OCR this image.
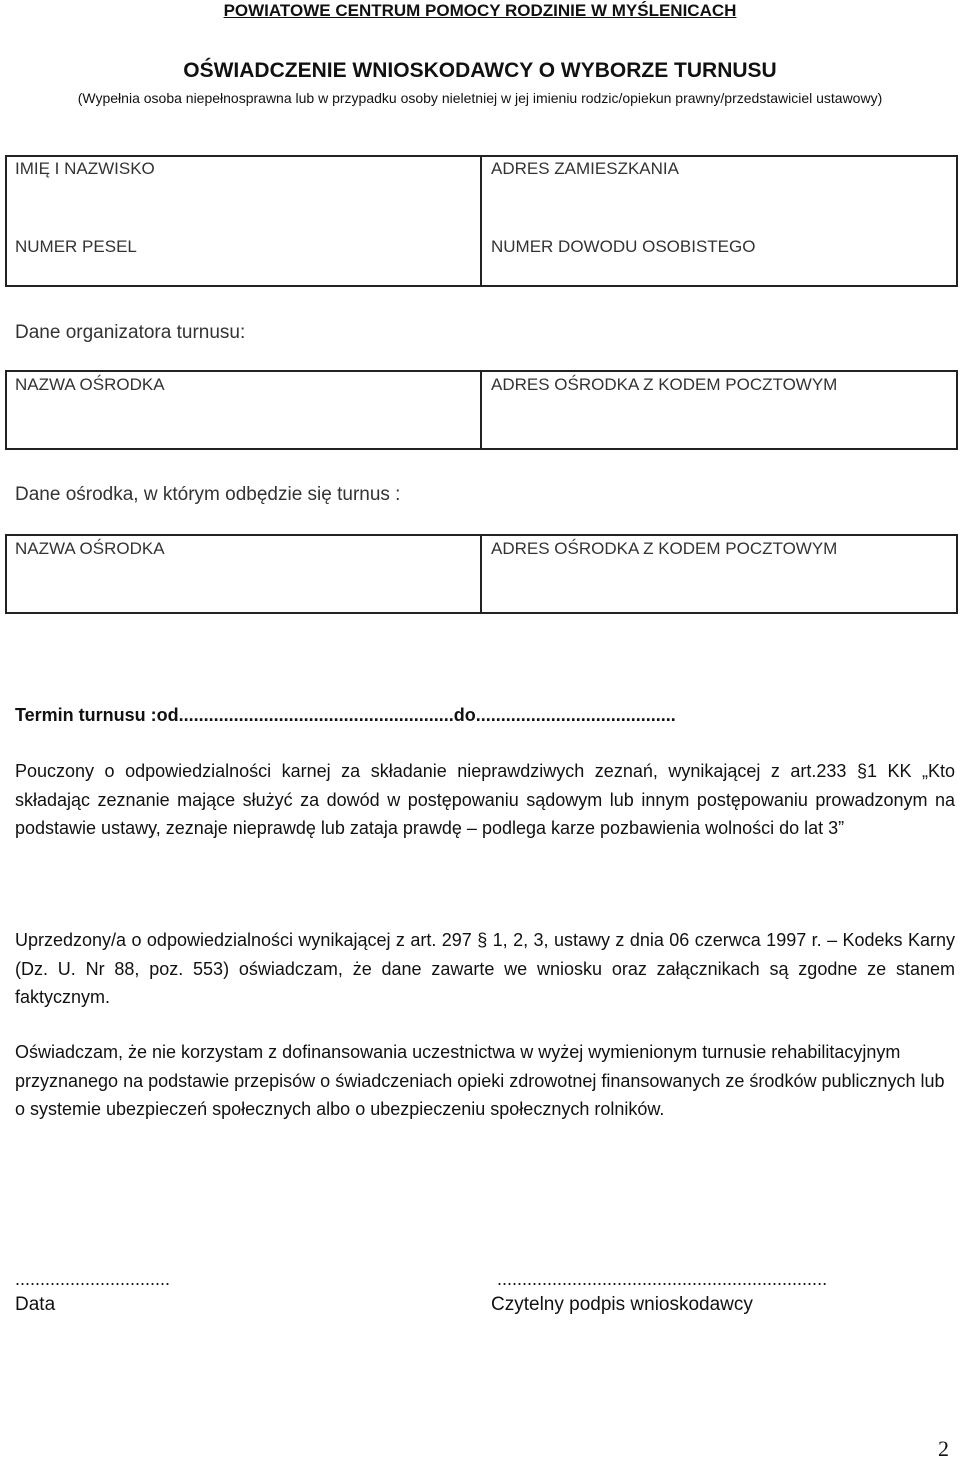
POWIATOWE CENTRUM POMOCY RODZINIE W MYŚLENICACH
OŚWIADCZENIE WNIOSKODAWCY O WYBORZE TURNUSU
(Wypełnia osoba niepełnosprawna lub w przypadku osoby nieletniej w jej imieniu rodzic/opiekun prawny/przedstawiciel ustawowy)
IMIĘ I NAZWISKO	ADRES ZAMIESZKANIA
NUMER PESEL	NUMER DOWODU OSOBISTEGO
Dane organizatora turnusu:
NAZWA OŚRODKA	ADRES OŚRODKA Z KODEM POCZTOWYM
Dane ośrodka, w którym odbędzie się turnus :
NAZWA OŚRODKA	ADRES OŚRODKA Z KODEM POCZTOWYM
Termin turnusu :od.......................................................do........................................
Pouczony o odpowiedzialności karnej za składanie nieprawdziwych zeznań, wynikającej z art.233 §1 KK „Kto składając zeznanie mające służyć za dowód w postępowaniu sądowym lub innym postępowaniu prowadzonym na podstawie ustawy, zeznaje nieprawdę lub zataja prawdę – podlega karze pozbawienia wolności do lat 3”
Uprzedzony/a o odpowiedzialności wynikającej z art. 297 § 1, 2, 3, ustawy z dnia 06 czerwca 1997 r. – Kodeks Karny (Dz. U. Nr 88, poz. 553) oświadczam, że dane zawarte we wniosku oraz załącznikach są zgodne ze stanem faktycznym.
Oświadczam, że nie korzystam z dofinansowania uczestnictwa w wyżej wymienionym turnusie rehabilitacyjnym przyznanego na podstawie przepisów o świadczeniach opieki zdrowotnej finansowanych ze środków publicznych lub o systemie ubezpieczeń społecznych albo o ubezpieczeniu społecznych rolników.
...............................
Data
..................................................................
Czytelny podpis wnioskodawcy
2
